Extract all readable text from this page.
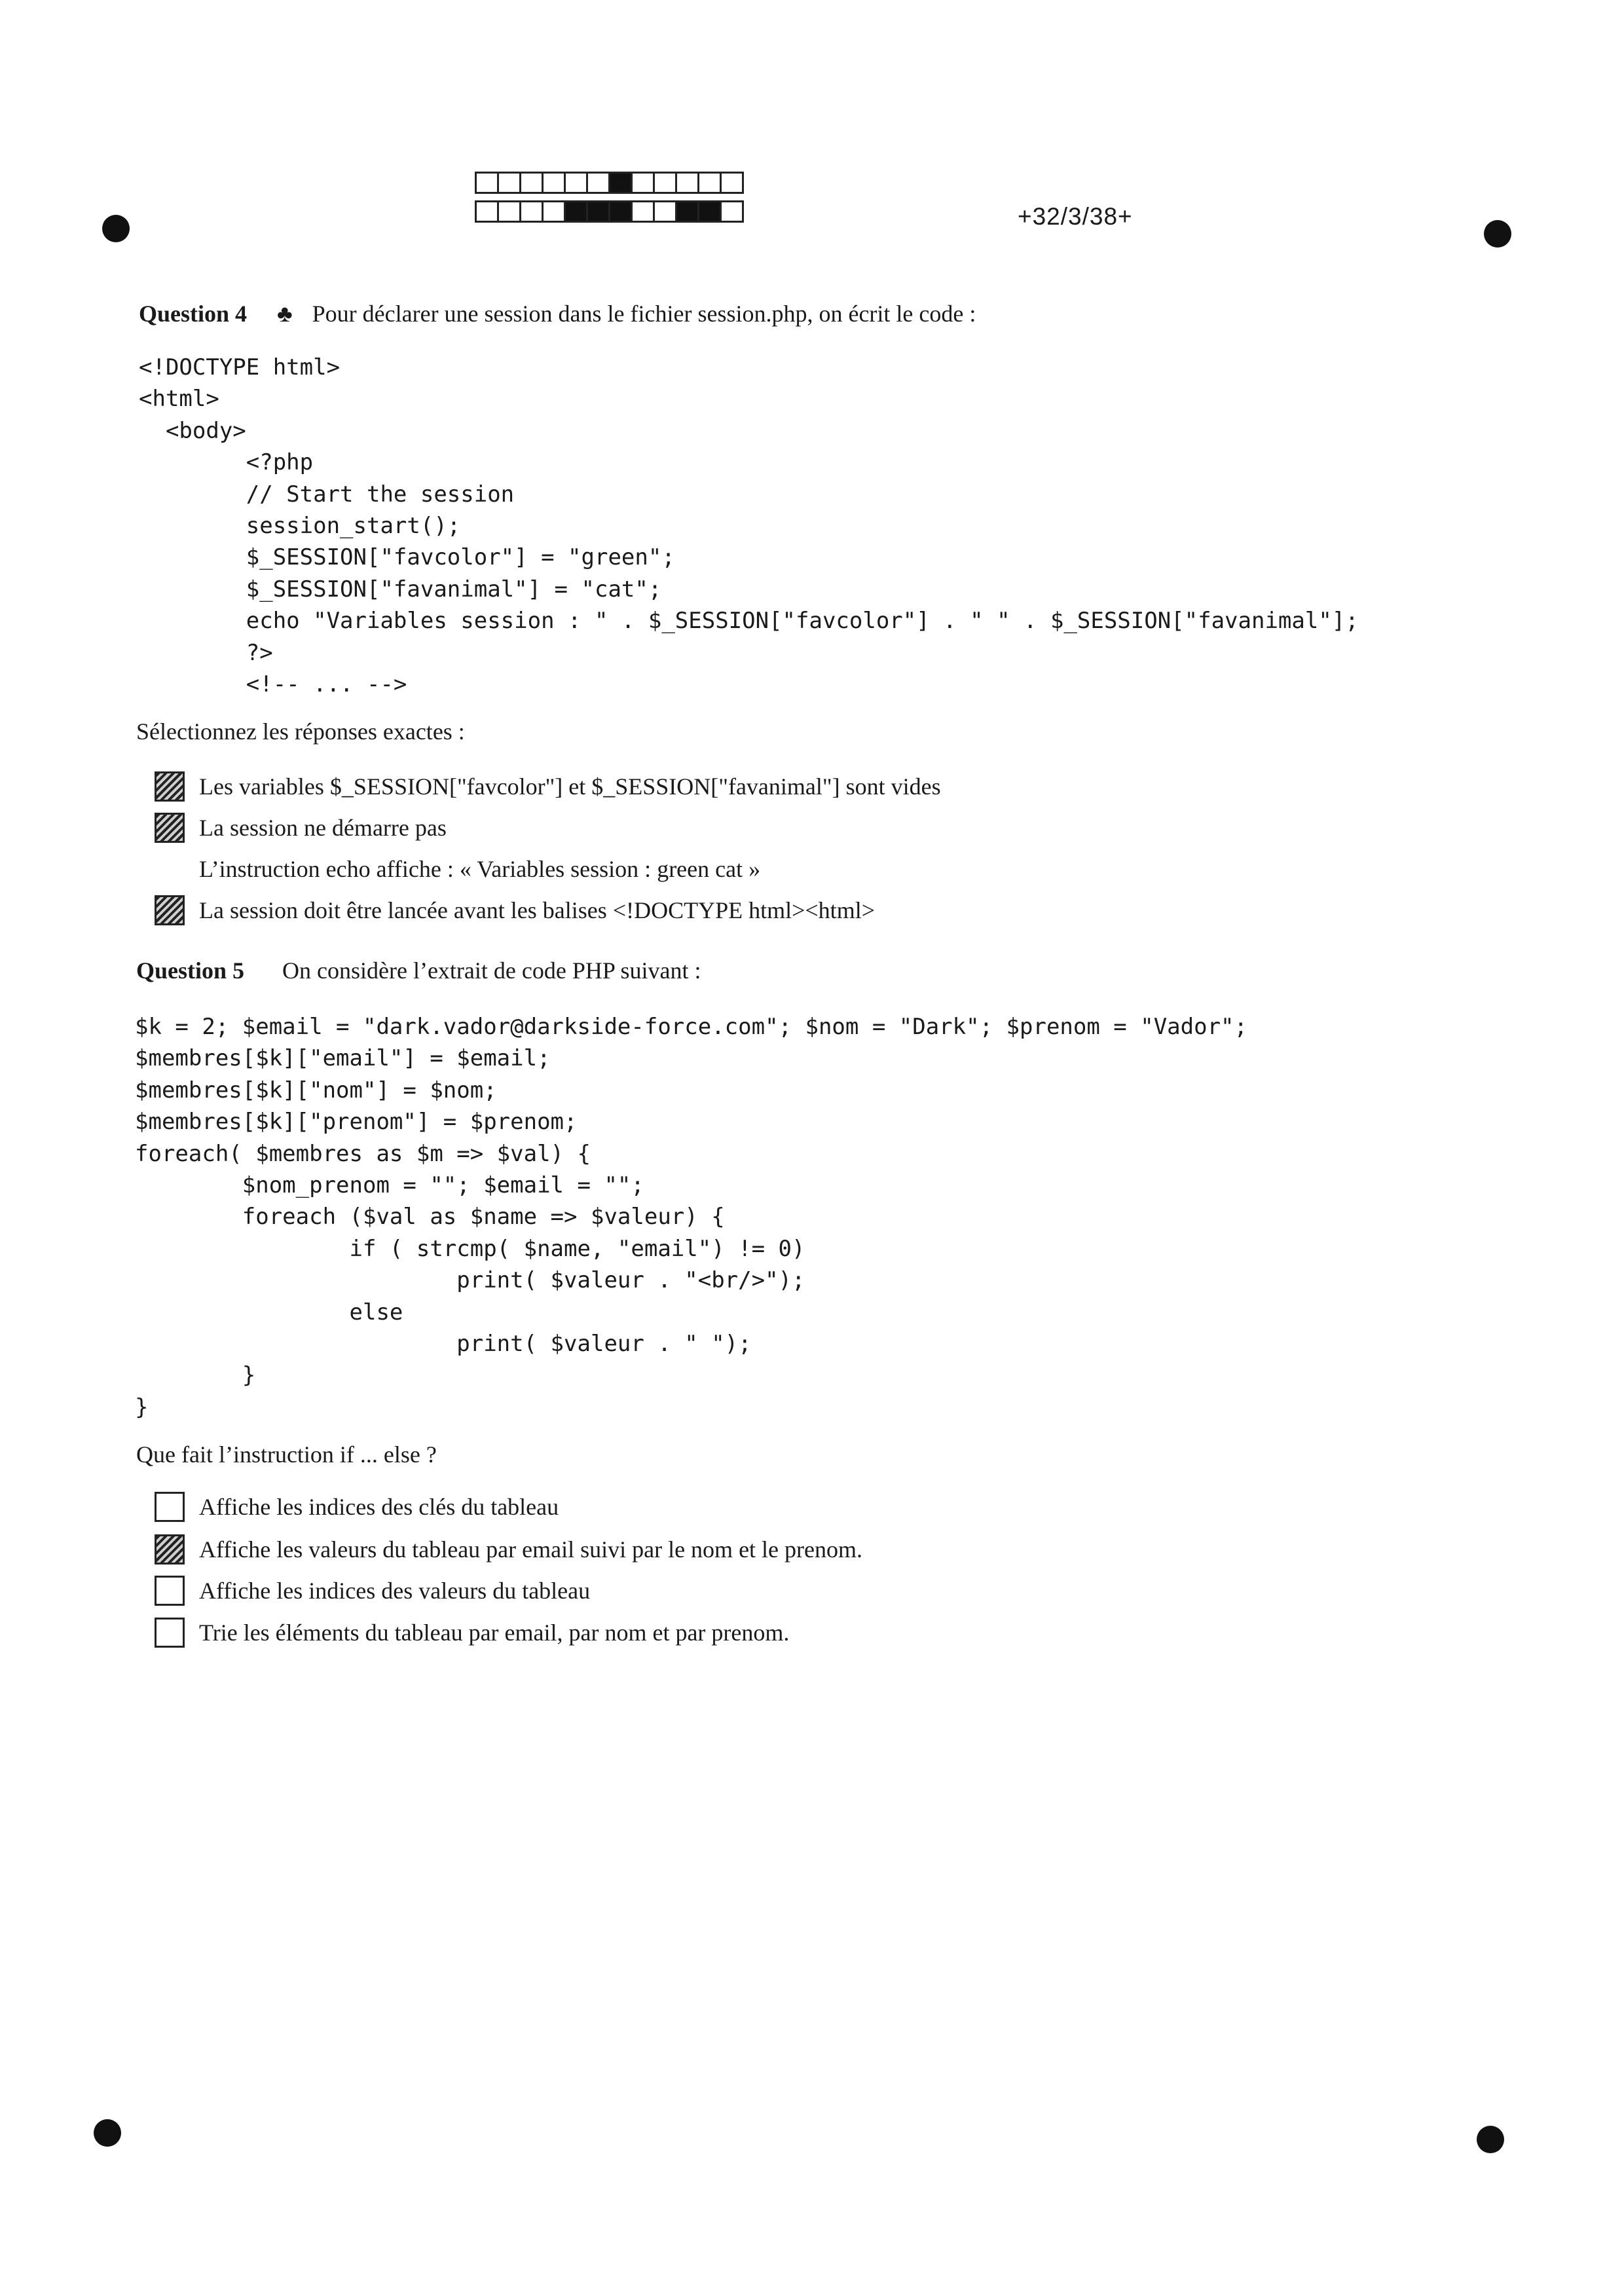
+32/3/38+
Question 4 ♣ Pour déclarer une session dans le fichier session.php, on écrit le code :
<!DOCTYPE html>
<html>
<body>
<?php
// Start the session
session_start();
$_SESSION["favcolor"] = "green";
$_SESSION["favanimal"] = "cat";
echo "Variables session : " . $_SESSION["favcolor"] . " " . $_SESSION["favanimal"];
?>
<!-- ... -->
Sélectionnez les réponses exactes :
Les variables $_SESSION["favcolor"] et $_SESSION["favanimal"] sont vides
La session ne démarre pas
L’instruction echo affiche : « Variables session : green cat »
La session doit être lancée avant les balises <!DOCTYPE html><html>
Question 5 On considère l’extrait de code PHP suivant :
$k = 2; $email = "dark.vador@darkside-force.com"; $nom = "Dark"; $prenom = "Vador";
$membres[$k]["email"] = $email;
$membres[$k]["nom"] = $nom;
$membres[$k]["prenom"] = $prenom;
foreach( $membres as $m => $val) {
$nom_prenom = ""; $email = "";
foreach ($val as $name => $valeur) {
if ( strcmp( $name, "email") != 0)
print( $valeur . "<br/>");
else
print( $valeur . " ");
}
}
Que fait l’instruction if ... else ?
Affiche les indices des clés du tableau
Affiche les valeurs du tableau par email suivi par le nom et le prenom.
Affiche les indices des valeurs du tableau
Trie les éléments du tableau par email, par nom et par prenom.
